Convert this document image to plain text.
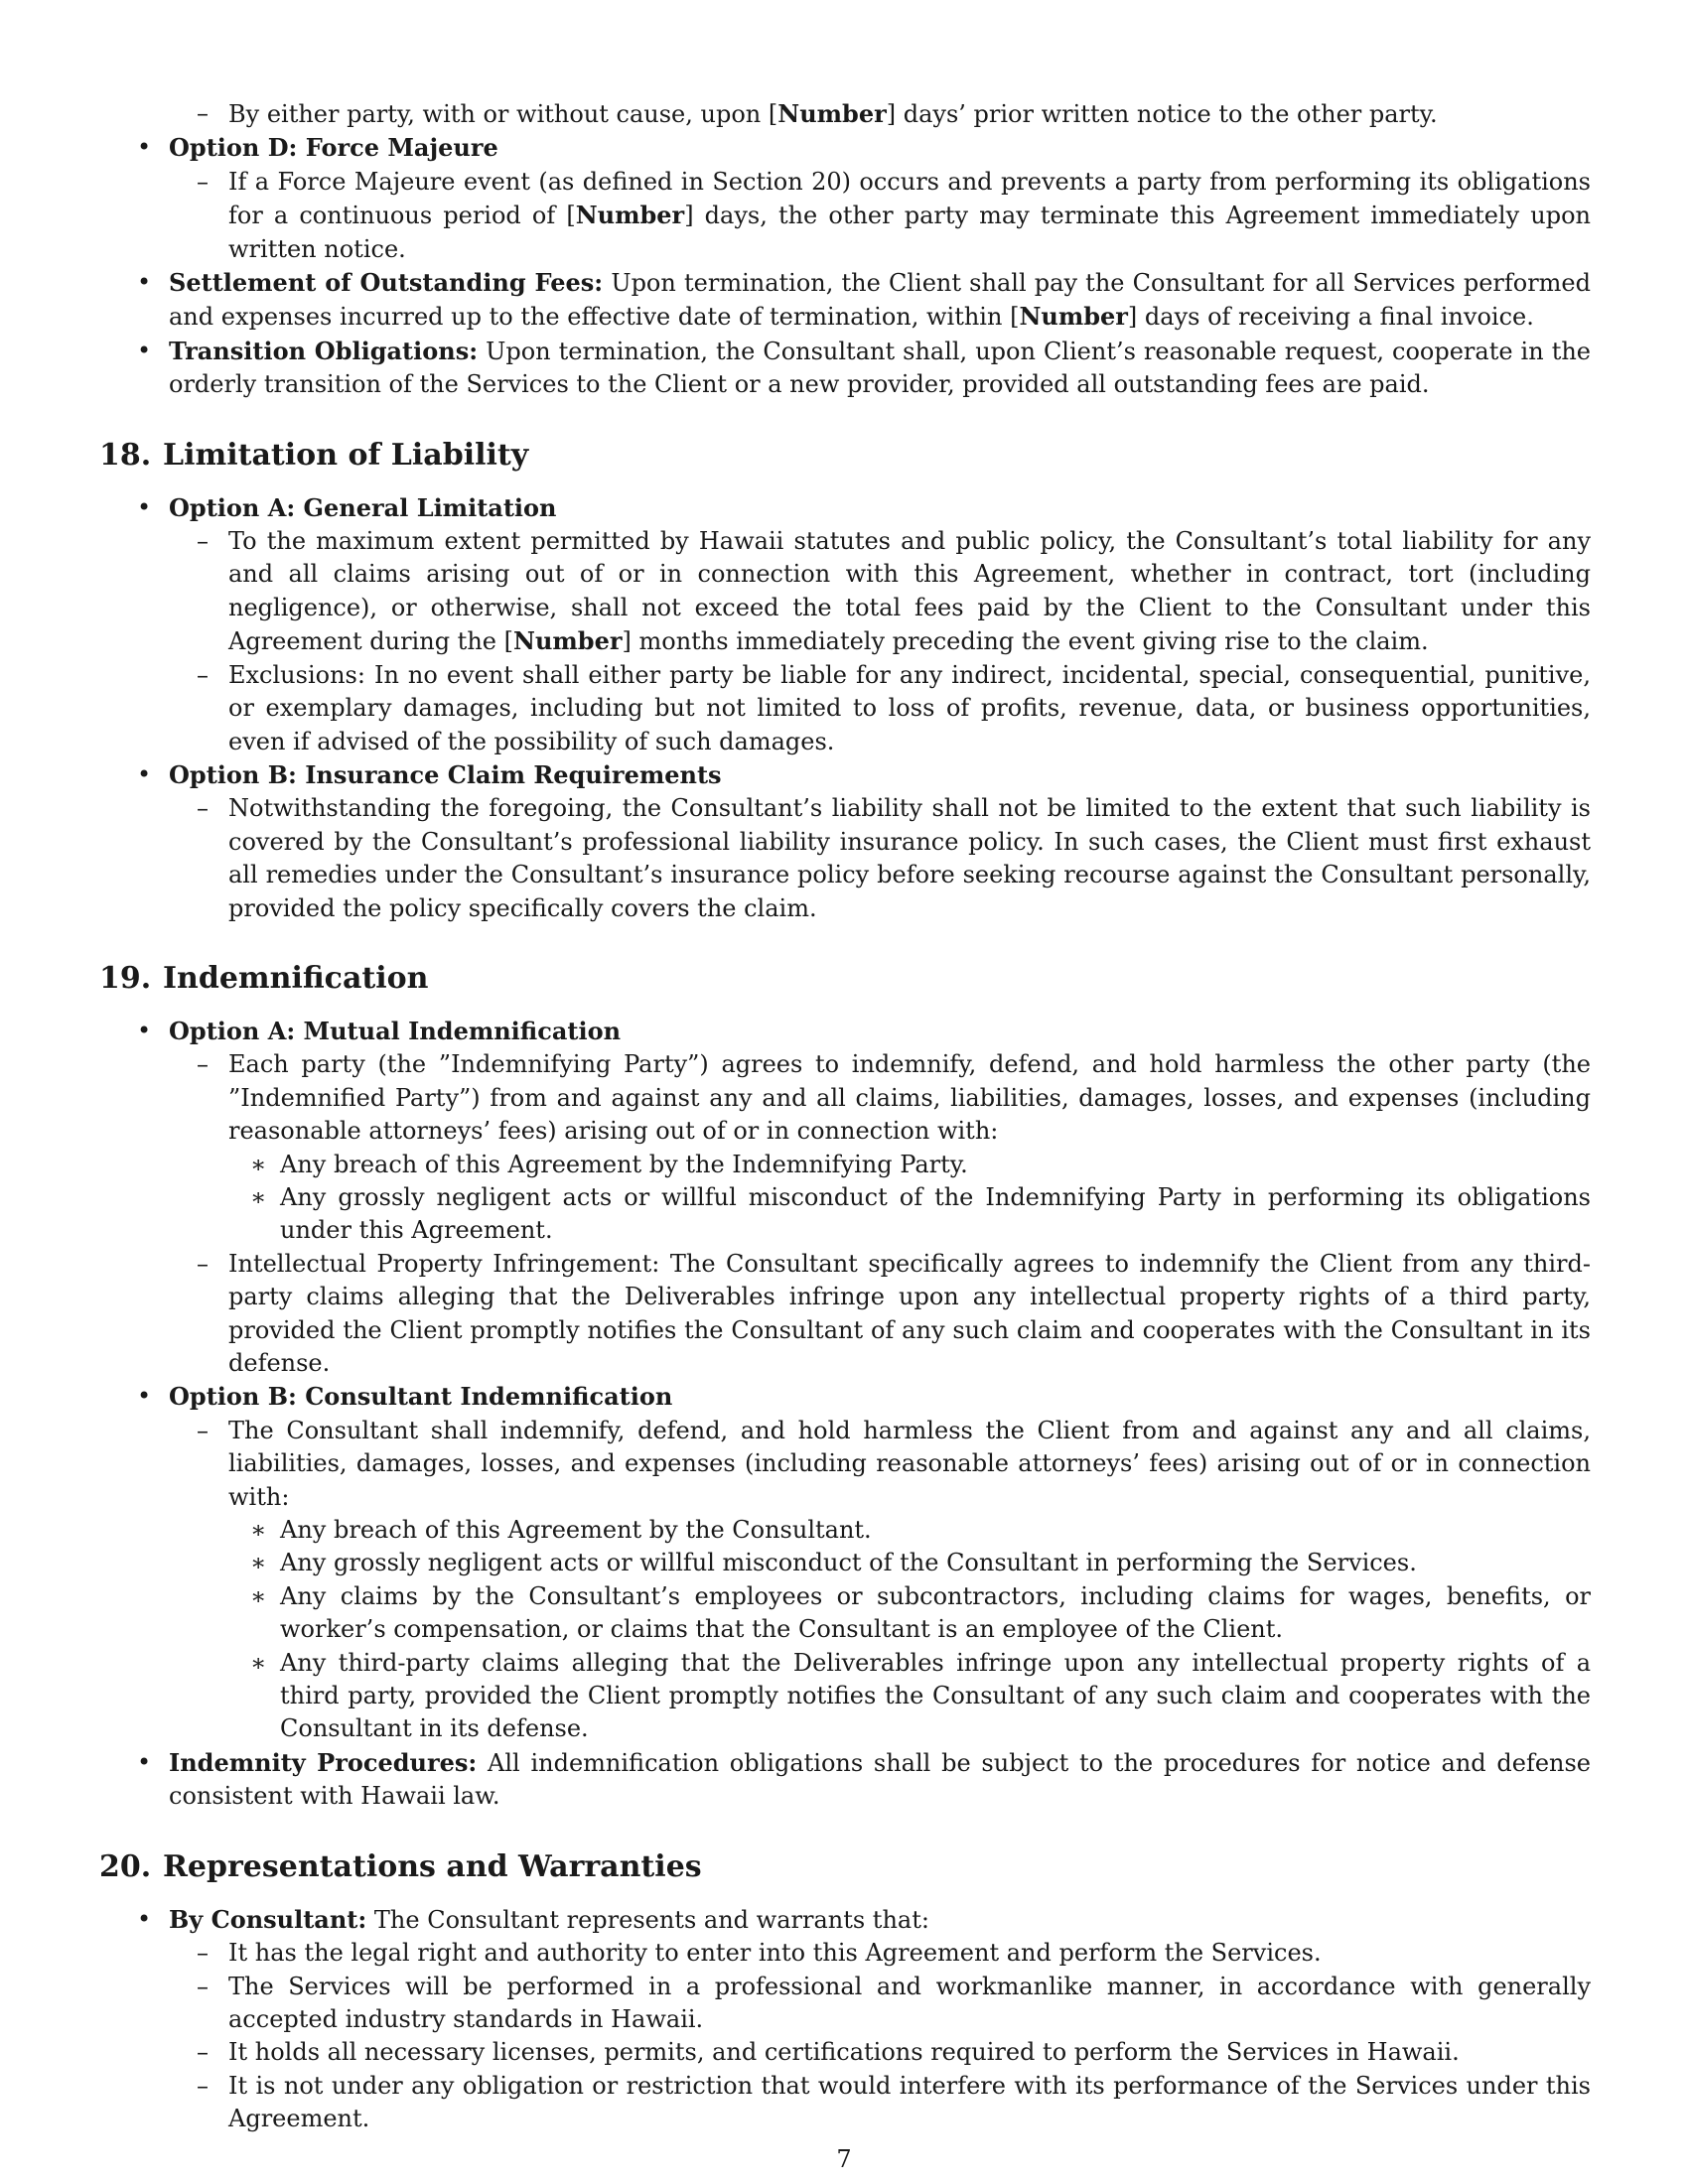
– By either party, with or without cause, upon [Number] days’ prior written notice to the other party.
• Option D: Force Majeure
– If a Force Majeure event (as defined in Section 20) occurs and prevents a party from performing its obligations for a continuous period of [Number] days, the other party may terminate this Agreement immediately upon written notice.
• Settlement of Outstanding Fees: Upon termination, the Client shall pay the Consultant for all Services performed and expenses incurred up to the effective date of termination, within [Number] days of receiving a final invoice.
• Transition Obligations: Upon termination, the Consultant shall, upon Client’s reasonable request, cooperate in the orderly transition of the Services to the Client or a new provider, provided all outstanding fees are paid.
18. Limitation of Liability
• Option A: General Limitation
– To the maximum extent permitted by Hawaii statutes and public policy, the Consultant’s total liability for any and all claims arising out of or in connection with this Agreement, whether in contract, tort (including negligence), or otherwise, shall not exceed the total fees paid by the Client to the Consultant under this Agreement during the [Number] months immediately preceding the event giving rise to the claim.
– Exclusions: In no event shall either party be liable for any indirect, incidental, special, consequential, punitive, or exemplary damages, including but not limited to loss of profits, revenue, data, or business opportunities, even if advised of the possibility of such damages.
• Option B: Insurance Claim Requirements
– Notwithstanding the foregoing, the Consultant’s liability shall not be limited to the extent that such liability is covered by the Consultant’s professional liability insurance policy. In such cases, the Client must first exhaust all remedies under the Consultant’s insurance policy before seeking recourse against the Consultant personally, provided the policy specifically covers the claim.
19. Indemnification
• Option A: Mutual Indemnification
– Each party (the ”Indemnifying Party”) agrees to indemnify, defend, and hold harmless the other party (the ”Indemnified Party”) from and against any and all claims, liabilities, damages, losses, and expenses (including reasonable attorneys’ fees) arising out of or in connection with:
∗ Any breach of this Agreement by the Indemnifying Party.
∗ Any grossly negligent acts or willful misconduct of the Indemnifying Party in performing its obligations under this Agreement.
– Intellectual Property Infringement: The Consultant specifically agrees to indemnify the Client from any third-party claims alleging that the Deliverables infringe upon any intellectual property rights of a third party, provided the Client promptly notifies the Consultant of any such claim and cooperates with the Consultant in its defense.
• Option B: Consultant Indemnification
– The Consultant shall indemnify, defend, and hold harmless the Client from and against any and all claims, liabilities, damages, losses, and expenses (including reasonable attorneys’ fees) arising out of or in connection with:
∗ Any breach of this Agreement by the Consultant.
∗ Any grossly negligent acts or willful misconduct of the Consultant in performing the Services.
∗ Any claims by the Consultant’s employees or subcontractors, including claims for wages, benefits, or worker’s compensation, or claims that the Consultant is an employee of the Client.
∗ Any third-party claims alleging that the Deliverables infringe upon any intellectual property rights of a third party, provided the Client promptly notifies the Consultant of any such claim and cooperates with the Consultant in its defense.
• Indemnity Procedures: All indemnification obligations shall be subject to the procedures for notice and defense consistent with Hawaii law.
20. Representations and Warranties
• By Consultant: The Consultant represents and warrants that:
– It has the legal right and authority to enter into this Agreement and perform the Services.
– The Services will be performed in a professional and workmanlike manner, in accordance with generally accepted industry standards in Hawaii.
– It holds all necessary licenses, permits, and certifications required to perform the Services in Hawaii.
– It is not under any obligation or restriction that would interfere with its performance of the Services under this Agreement.
7
